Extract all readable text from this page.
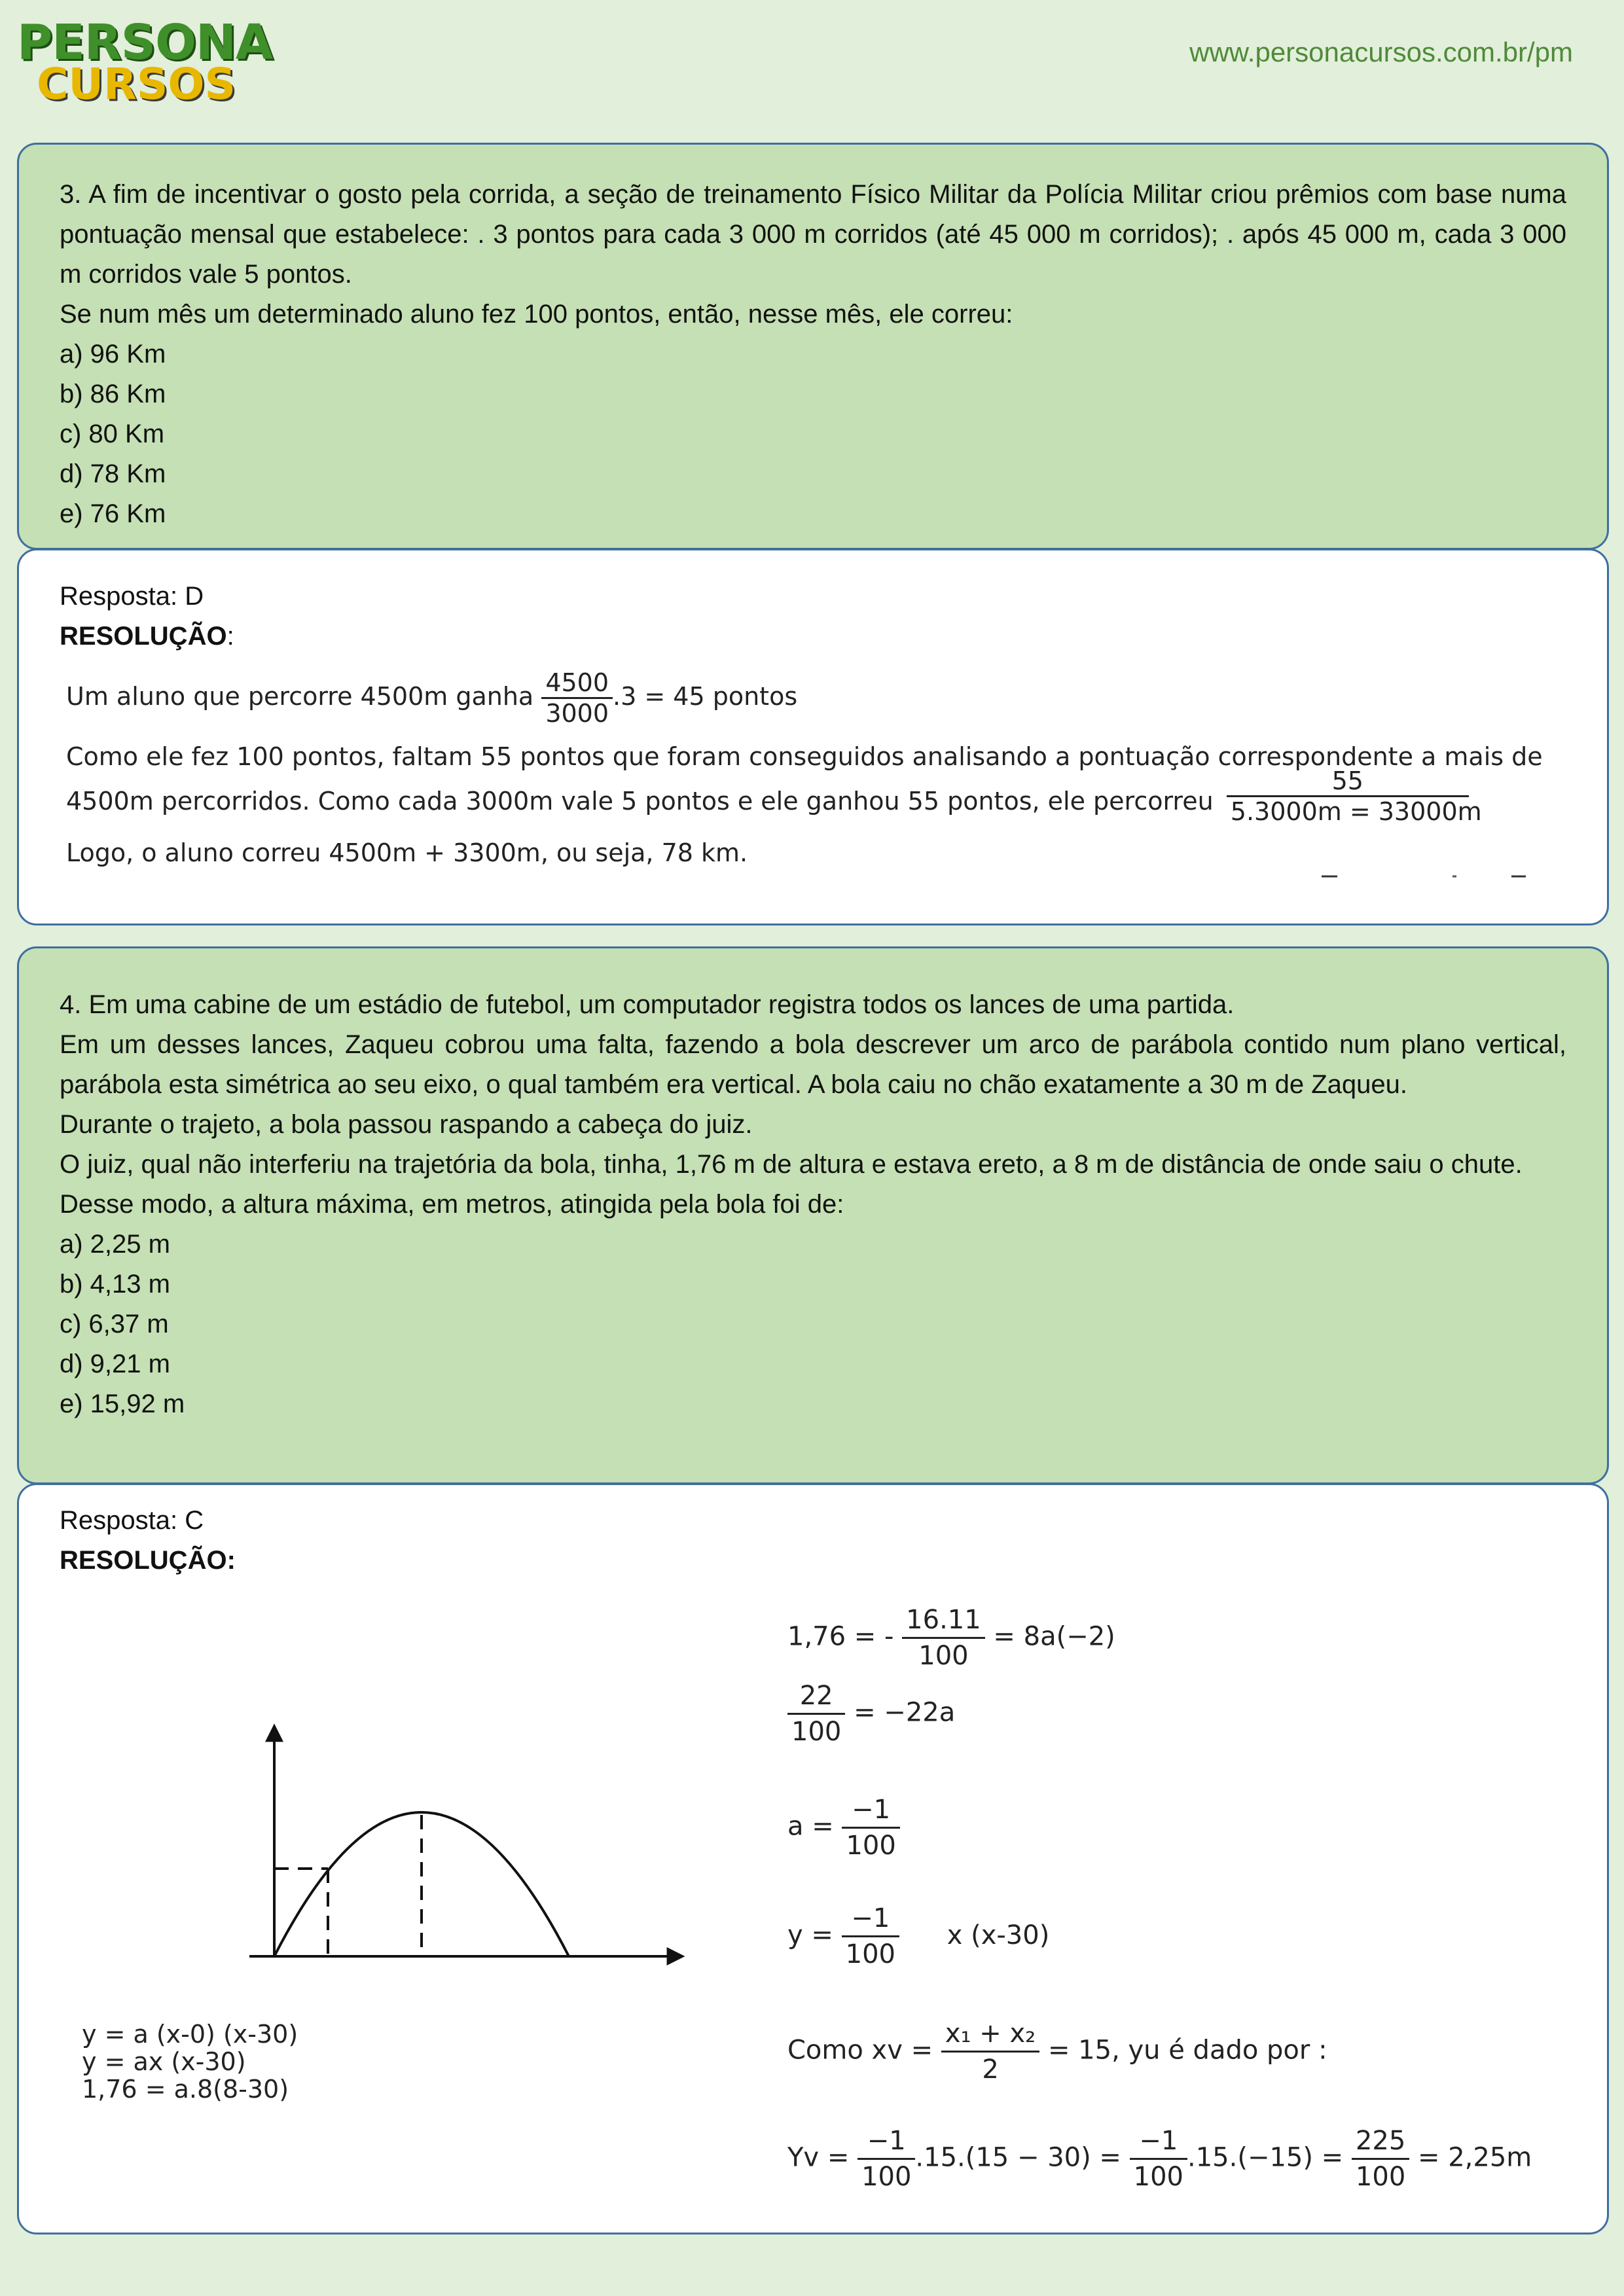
PERSONA
CURSOS
www.personacursos.com.br/pm

3. A fim de incentivar o gosto pela corrida, a seção de treinamento Físico Militar da Polícia Militar criou prêmios com base numa pontuação mensal que estabelece: . 3 pontos para cada 3 000 m corridos (até 45 000 m corridos); . após 45 000 m, cada 3 000 m corridos vale 5 pontos.

Se num mês um determinado aluno fez 100 pontos, então, nesse mês, ele correu:

a) 96 Km
b) 86 Km
c) 80 Km
d) 78 Km
e) 76 Km
Resposta: D
RESOLUÇÃO:
Um aluno que percorre 4500m ganha $\frac{4500}{3000} .3 = 45$ pontos
Como ele fez 100 pontos, faltam 55 pontos que foram conseguidos analisando a pontuação correspondente a mais de
4500m percorridos. Como cada 3000m vale 5 pontos e ele ganhou 55 pontos, ele percorreu $\frac{55}{5.3000m = 33000m}$
Logo, o aluno correu 4500m + 3300m, ou seja, 78 km.

4. Em uma cabine de um estádio de futebol, um computador registra todos os lances de uma partida.

Em um desses lances, Zaqueu cobrou uma falta, fazendo a bola descrever um arco de parábola contido num plano vertical, parábola esta simétrica ao seu eixo, o qual também era vertical. A bola caiu no chão exatamente a 30 m de Zaqueu.

Durante o trajeto, a bola passou raspando a cabeça do juiz.

O juiz, qual não interferiu na trajetória da bola, tinha, 1,76 m de altura e estava ereto, a 8 m de distância de onde saiu o chute.

Desse modo, a altura máxima, em metros, atingida pela bola foi de:

a) 2,25 m
b) 4,13 m
c) 6,37 m
d) 9,21 m
e) 15,92 m
Resposta: C
RESOLUÇÃO:
y = a (x-0) (x-30)
y = ax (x-30)
1,76 = a.8(8-30)
1,76 = - $\frac{16.11}{100} = 8a(-2)$
$\frac{22}{100} = -22a$
$a = \frac{-1}{100}$
$y = \frac{-1}{100}$ x (x-30)
Como xv = $\frac{\text{x₁ + x₂}}{2} = 15$, yu é dado por :
$Yv = \frac{-1}{100} .15.(15 - 30) = \frac{-1}{100} .15.(-15) = \frac{225}{100} = 2,25m$
